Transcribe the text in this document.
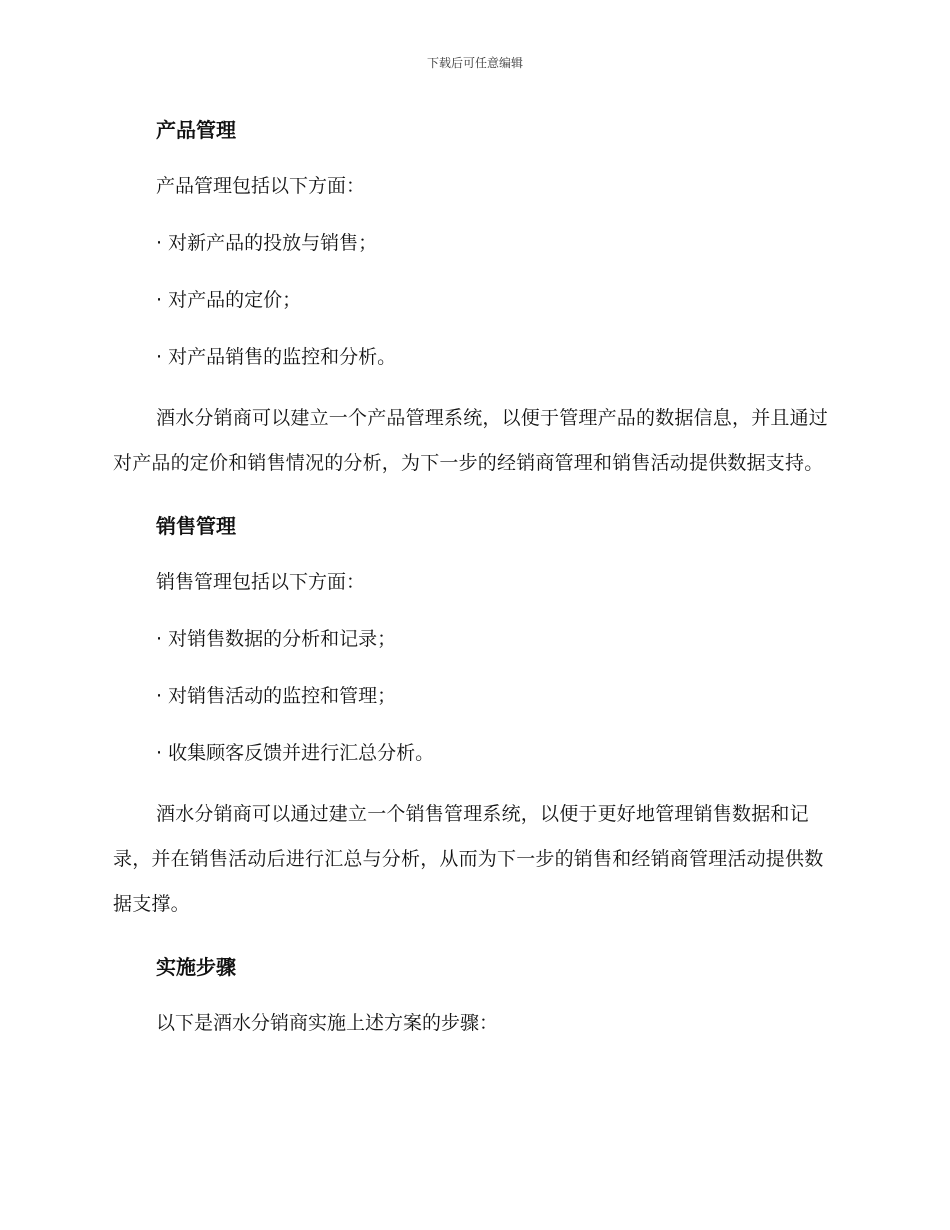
下载后可任意编辑
产品管理
产品管理包括以下方面：
· 对新产品的投放与销售；
· 对产品的定价；
· 对产品销售的监控和分析。
酒水分销商可以建立一个产品管理系统，以便于管理产品的数据信息，并且通过对产品的定价和销售情况的分析，为下一步的经销商管理和销售活动提供数据支持。
销售管理
销售管理包括以下方面：
· 对销售数据的分析和记录；
· 对销售活动的监控和管理；
· 收集顾客反馈并进行汇总分析。
酒水分销商可以通过建立一个销售管理系统，以便于更好地管理销售数据和记录，并在销售活动后进行汇总与分析，从而为下一步的销售和经销商管理活动提供数据支撑。
实施步骤
以下是酒水分销商实施上述方案的步骤：
